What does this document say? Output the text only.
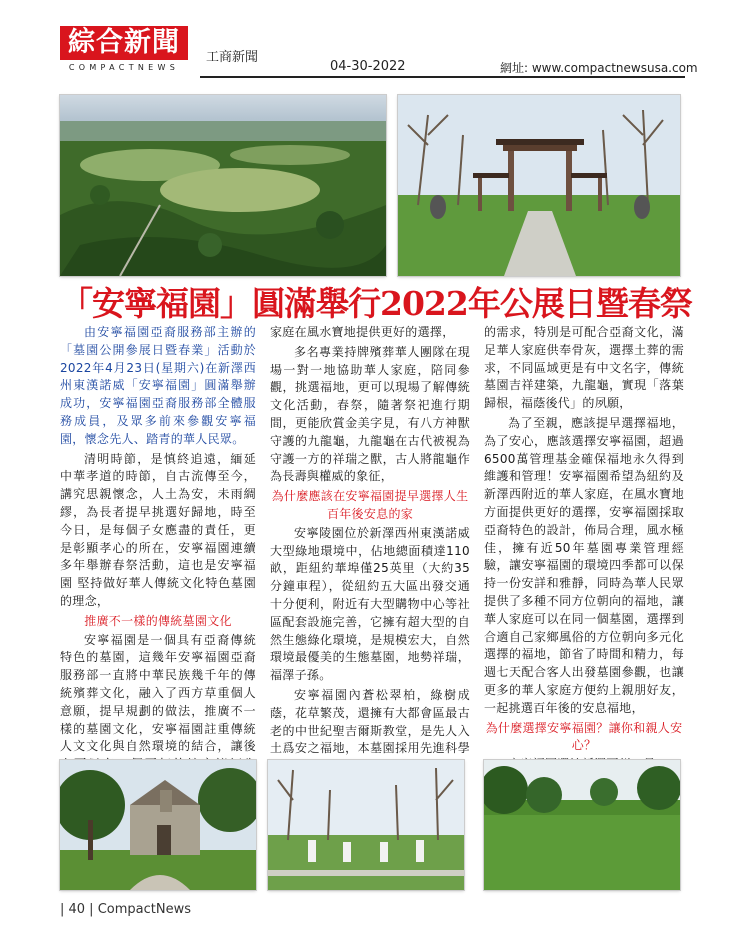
綜合新聞
COMPACTNEWS
工商新聞
04-30-2022	網址: www.compactnewsusa.com
「安寧福園」圓滿舉行2022年公展日暨春祭

由安寧福園亞裔服務部主辦的「墓園公開參展日暨春業」活動於2022年4月23日(星期六)在新澤西州東漢諾威「安寧福園」圓滿舉辦成功，安寧福園亞裔服務部全體服務成員，及眾多前來參觀安寧福園，懷念先人、踏青的華人民眾。

清明時節，是慎終追遠，緬延中華孝道的時節，自古流傳至今，講究思親懷念，人土為安，未雨綢繆，為長者提早挑選好歸地，時至今日，是每個子女應盡的責任，更是彰顯孝心的所在，安寧福園連續多年舉辦春祭活動，這也是安寧福園 堅持做好華人傳統文化特色墓園的理念，

推廣不一樣的傳統墓園文化

安寧福園是一個具有亞裔傳統特色的墓園，這幾年安寧福園亞裔服務部一直將中華民族幾千年的傳統殯葬文化，融入了西方草重個人意願，提早規劃的做法，推廣不一樣的墓園文化，安寧福園註重傳統人文文化與自然環境的結合，讓後

家庭在風水寶地提供更好的選擇，

多名專業持牌殯葬華人團隊在現場一對一地協助華人家庭，陪同參觀，挑選福地，更可以現場了解傳統文化活動，春祭，隨著祭祀進行期間，更能欣賞金美字見，有八方神獸守護的九龍龜，九龍龜在古代被視為守護一方的祥瑞之獸，古人將龍龜作為長壽與權威的象征，

為什麼應該在安寧福園提早選擇人生百年後安息的家

安寧陵園位於新澤西州東漢諾威大型綠地環境中，佔地總面積達110畝，距紐約華埠僅25英里（大約35分鐘車程），從紐約五大區出發交通十分便利，附近有大型購物中心等社區配套設施完善，它擁有超大型的自然生態綠化環境，是規模宏大，自然環境最優美的生態墓園，地勢祥瑞，福澤子孫。

安寧福園內蒼松翠柏，綠樹成蔭，花草繁茂，還擁有大都會區最古老的中世紀聖吉爾斯教堂，是先人入土爲安之福地，本墓園採用先進科學

的需求，特別是可配合亞裔文化，滿足華人家庭供奉骨灰，選擇土葬的需求，不同區域更是有中文名字，傳統墓園吉祥建築，九龍龜，實現「落葉歸根，福蔭後代」的夙願，

為了至親，應該提早選擇福地，為了安心，應該選擇安寧福園，超過6500萬管理基金確保福地永久得到維護和管理！安寧福園希望為紐約及新澤西附近的華人家庭，在風水寶地方面提供更好的選擇，安寧福園採取亞裔特色的設計，佈局合理，風水極佳，擁有近50年墓園專業管理經驗，讓安寧福園的環境四季都可以保持一份安詳和雅靜，同時為華人民眾提供了多種不同方位朝向的福地，讓華人家庭可以在同一個墓園，選擇到合適自己家鄉風俗的方位朝向多元化選擇的福地，節省了時間和精力，每週七天配合客人出發墓園參觀，也讓更多的華人家庭方便約上親朋好友，一起挑選百年後的安息福地，

為什麼選擇安寧福園？讓你和親人安心？

| 40 | CompactNews
